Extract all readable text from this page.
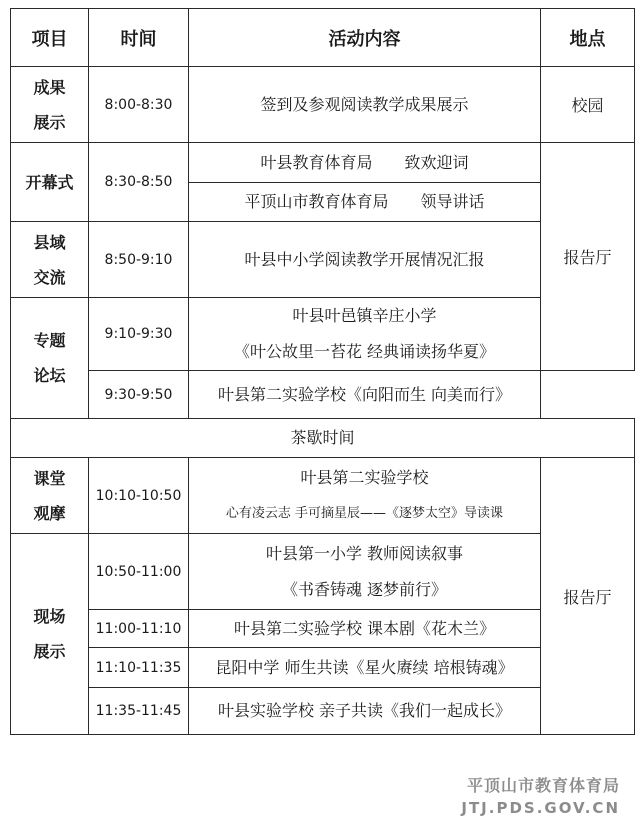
项目	时间	活动内容	地点
成果展示	8:00-8:30	签到及参观阅读教学成果展示	校园
开幕式	8:30-8:50	叶县教育体育局　　致欢迎词	报告厅
		平顶山市教育体育局　　领导讲话	
县域交流	8:50-9:10	叶县中小学阅读教学开展情况汇报	
专题论坛	9:10-9:30	叶县叶邑镇辛庄小学
《叶公故里一苔花 经典诵读扬华夏》	

	9:30-9:50	叶县第二实验学校《向阳而生 向美而行》	
茶歇时间			
课堂观摩	10:10-10:50	叶县第二实验学校
心有凌云志 手可摘星辰——《逐梦太空》导读课	报告厅
现场展示	10:50-11:00	叶县第一小学 教师阅读叙事
《书香铸魂 逐梦前行》	

	11:00-11:10	叶县第二实验学校 课本剧《花木兰》	
	11:10-11:35	昆阳中学 师生共读《星火赓续 培根铸魂》	
	11:35-11:45	叶县实验学校 亲子共读《我们一起成长》	
平顶山市教育体育局
JTJ.PDS.GOV.CN
